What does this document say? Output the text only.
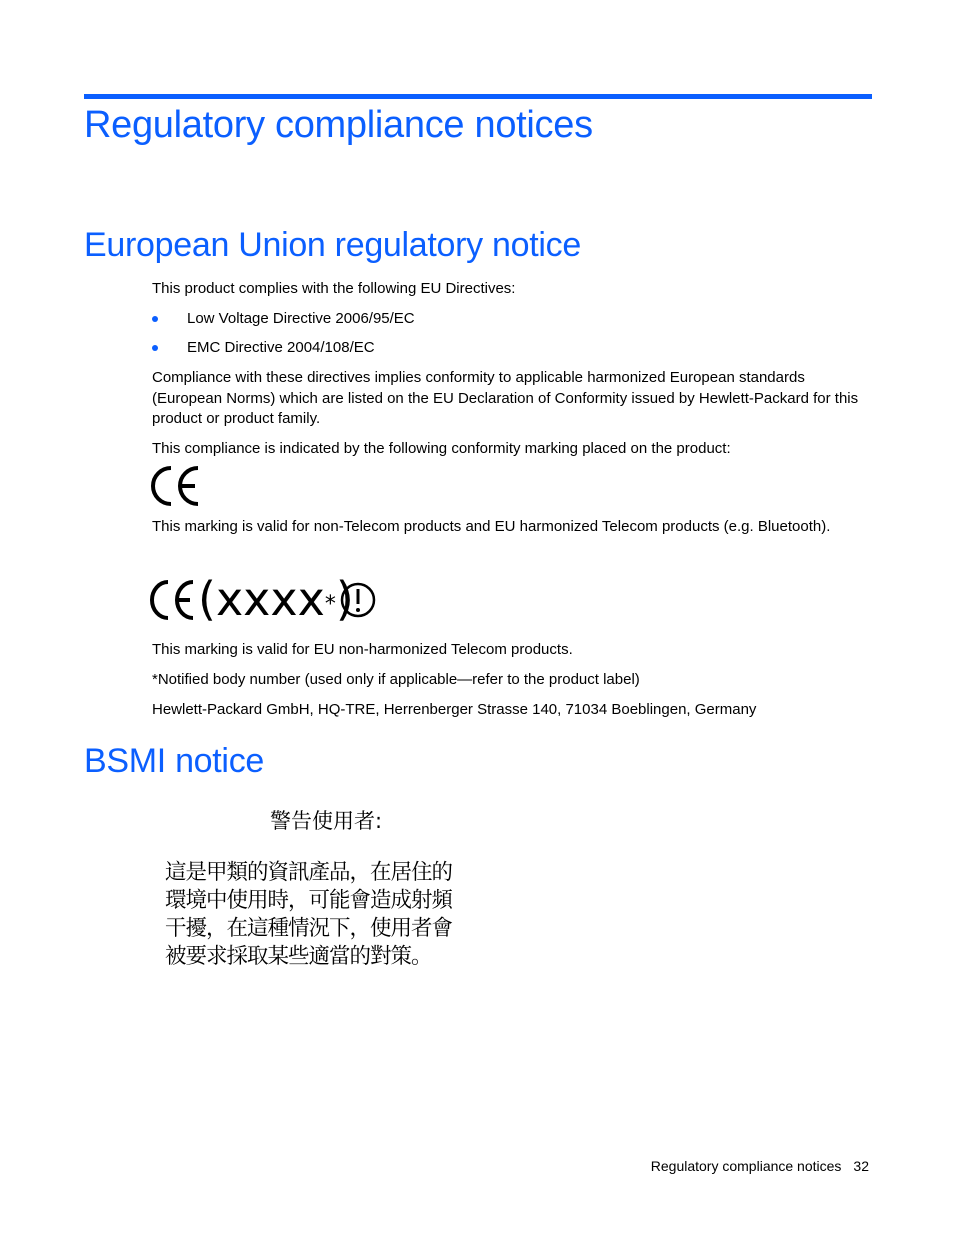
Regulatory compliance notices
European Union regulatory notice

This product complies with the following EU Directives:

Low Voltage Directive 2006/95/EC
EMC Directive 2004/108/EC

Compliance with these directives implies conformity to applicable harmonized European standards (European Norms) which are listed on the EU Declaration of Conformity issued by Hewlett-Packard for this product or product family.

This compliance is indicated by the following conformity marking placed on the product:

This marking is valid for non-Telecom products and EU harmonized Telecom products (e.g. Bluetooth).

(xxxx*)

This marking is valid for EU non-harmonized Telecom products.

*Notified body number (used only if applicable—refer to the product label)

Hewlett-Packard GmbH, HQ-TRE, Herrenberger Strasse 140, 71034 Boeblingen, Germany

BSMI notice
警告使用者:
這是甲類的資訊產品，在居住的
環境中使用時，可能會造成射頻
干擾，在這種情況下，使用者會
被要求採取某些適當的對策。
Regulatory compliance notices 32
